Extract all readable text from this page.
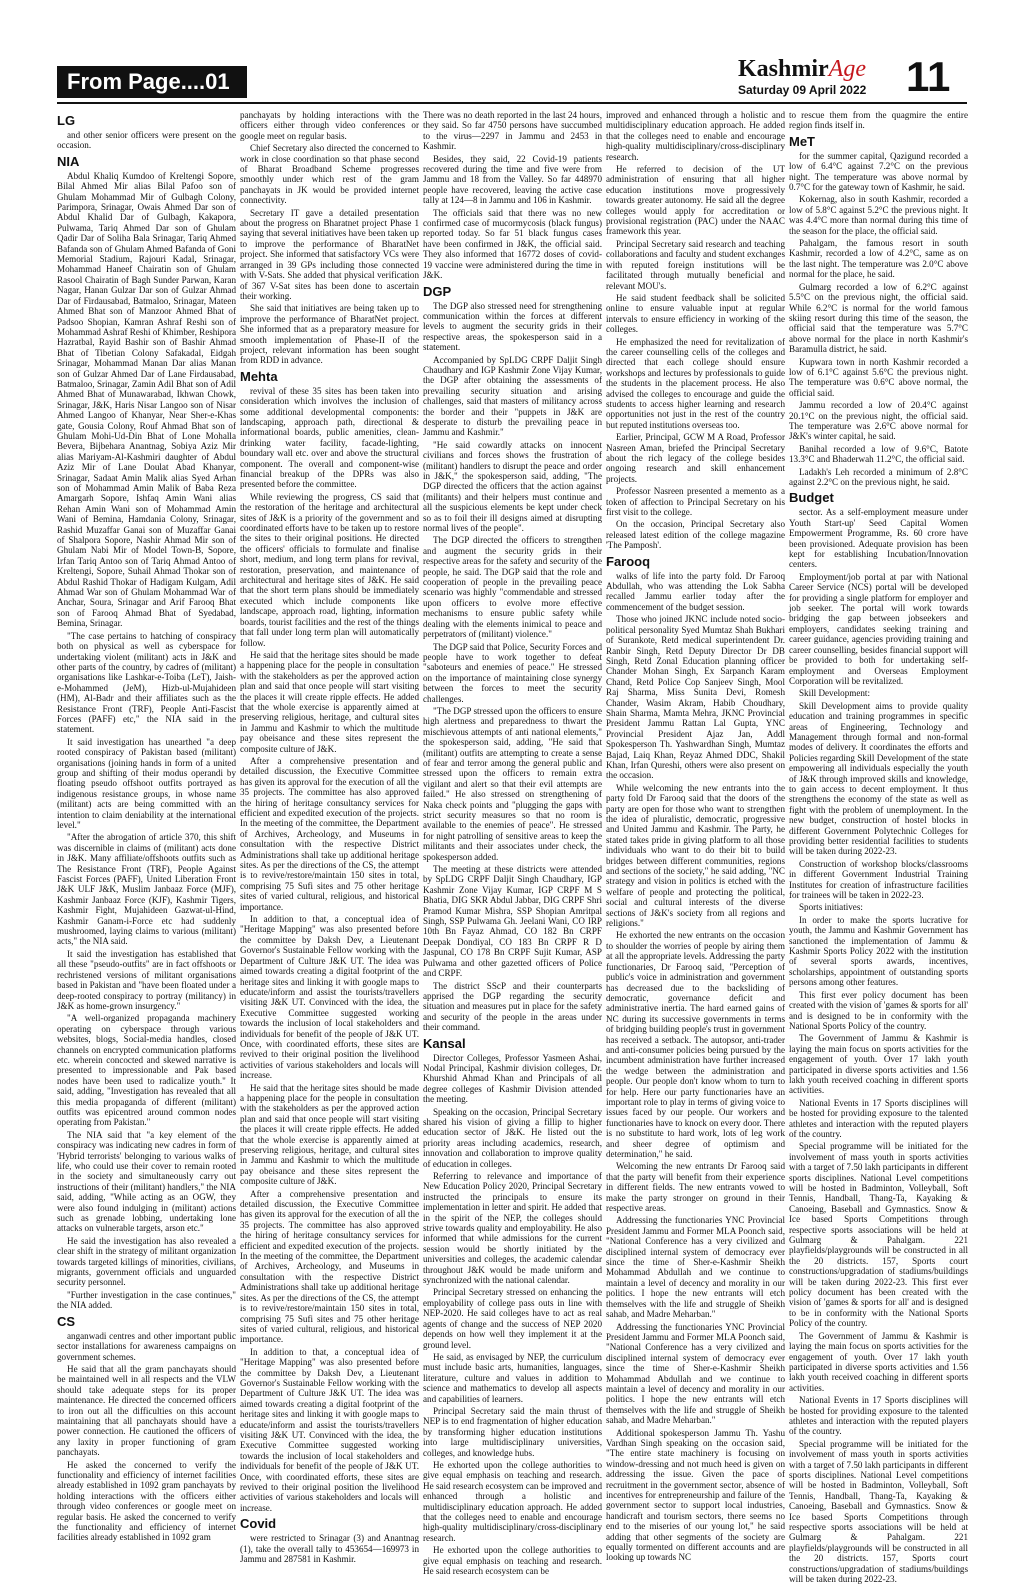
From Page....01	KashmirAge
Saturday 09 April 2022 11
LG

and other senior officers were present on the occasion.

NIA

Abdul Khaliq Kumdoo of Kreltengi Sopore, Bilal Ahmed Mir alias Bilal Pafoo son of Ghulam Mohammad Mir of Gulbagh Colony, Parimpora, Srinagar, Owais Ahmed Dar son of Abdul Khalid Dar of Gulbagh, Kakapora, Pulwama, Tariq Ahmed Dar son of Ghulam Qadir Dar of Soliha Bala Srinagar, Tariq Ahmed Bafanda son of Ghulam Ahmed Bafanda of Goni Memorial Stadium, Rajouri Kadal, Srinagar, Mohammad Haneef Chairatin son of Ghulam Rasool Chairatin of Bagh Sunder Parwan, Karan Nagar, Hanan Gulzar Dar son of Gulzar Ahmad Dar of Firdausabad, Batmaloo, Srinagar, Mateen Ahmed Bhat son of Manzoor Ahmed Bhat of Padsoo Shopian, Kamran Ashraf Reshi son of Mohammad Ashraf Reshi of Khimber, Reshipora Hazratbal, Rayid Bashir son of Bashir Ahmad Bhat of Tibetian Colony Safakadal, Eidgah Srinagar, Mohammad Manan Dar alias Manan son of Gulzar Ahmed Dar of Lane Firdausabad, Batmaloo, Srinagar, Zamin Adil Bhat son of Adil Ahmed Bhat of Munawarabad, Ikhwan Chowk, Srinagar, J&K, Haris Nisar Langoo son of Nisar Ahmed Langoo of Khanyar, Near Sher-e-Khas gate, Gousia Colony, Rouf Ahmad Bhat son of Ghulam Mohi-Ud-Din Bhat of Lone Mohalla Bevera, Bijbehara Anantnag, Sobiya Aziz Mir alias Mariyam-Al-Kashmiri daughter of Abdul Aziz Mir of Lane Doulat Abad Khanyar, Srinagar, Sadaat Amin Malik alias Syed Arhan son of Mohammad Amin Malik of Baba Reza Amargarh Sopore, Ishfaq Amin Wani alias Rehan Amin Wani son of Mohammad Amin Wani of Bemina, Hamdania Colony, Srinagar, Rashid Muzaffar Ganai son of Muzaffar Ganai of Shalpora Sopore, Nashir Ahmad Mir son of Ghulam Nabi Mir of Model Town-B, Sopore, Irfan Tariq Antoo son of Tariq Ahmad Antoo of Kreltengi, Sopore, Suhail Ahmad Thokar son of Abdul Rashid Thokar of Hadigam Kulgam, Adil Ahmad War son of Ghulam Mohammad War of Anchar, Soura, Srinagar and Arif Farooq Bhat son of Farooq Ahmad Bhat of Syedabad, Bemina, Srinagar.

"The case pertains to hatching of conspiracy both on physical as well as cyberspace for undertaking violent (militant) acts in J&K and other parts of the country, by cadres of (militant) organisations like Lashkar-e-Toiba (LeT), Jaish-e-Mohammed (JeM), Hizb-ul-Mujahideen (HM), Al-Badr and their affiliates such as the Resistance Front (TRF), People Anti-Fascist Forces (PAFF) etc," the NIA said in the statement.

It said investigation has unearthed "a deep rooted conspiracy of Pakistan based (militant) organisations (joining hands in form of a united group and shifting of their modus operandi by floating pseudo offshoot outfits portrayed as indigenous resistance groups, in whose name (militant) acts are being committed with an intention to claim deniability at the international level."

"After the abrogation of article 370, this shift was discernible in claims of (militant) acts done in J&K. Many affiliate/offshoots outfits such as The Resistance Front (TRF), People Against Fascist Forces (PAFF), United Liberation Front J&K ULF J&K, Muslim Janbaaz Force (MJF), Kashmir Janbaaz Force (KJF), Kashmir Tigers, Kashmir Fight, Mujahideen Gazwat-ul-Hind, Kashmir Ganam-i-Force etc had suddenly mushroomed, laying claims to various (militant) acts," the NIA said.

It said the investigation has established that all these "pseudo-outfits" are in fact offshoots or rechristened versions of militant organisations based in Pakistan and "have been floated under a deep-rooted conspiracy to portray (militancy) in J&K as home-grown insurgency."

"A well-organized propaganda machinery operating on cyberspace through various websites, blogs, Social-media handles, closed channels on encrypted communication platforms etc. wherein concocted and skewed narrative is presented to impressionable and Pak based nodes have been used to radicalize youth." It said, adding, "Investigation has revealed that all this media propaganda of different (militant) outfits was epicentred around common nodes operating from Pakistan."

The NIA said that "a key element of the conspiracy was indicating new cadres in form of 'Hybrid terrorists' belonging to various walks of life, who could use their cover to remain rooted in the society and simultaneously carry out instructions of their (militant) handlers," the NIA said, adding, "While acting as an OGW, they were also found indulging in (militant) actions such as grenade lobbing, undertaking lone attacks on vulnerable targets, arson etc."

He said the investigation has also revealed a clear shift in the strategy of militant organization towards targeted killings of minorities, civilians, migrants, government officials and unguarded security personnel.

"Further investigation in the case continues," the NIA added.

CS

anganwadi centres and other important public sector installations for awareness campaigns on government schemes.

He said that all the gram panchayats should be maintained well in all respects and the VLW should take adequate steps for its proper maintenance. He directed the concerned officers to iron out all the difficulties on this account maintaining that all panchayats should have a power connection. He cautioned the officers of any laxity in proper functioning of gram panchayats.

He asked the concerned to verify the functionality and efficiency of internet facilities already established in 1092 gram panchayats by holding interactions with the officers either through video conferences or google meet on regular basis. He asked the concerned to verify the functionality and efficiency of internet facilities already established in 1092 gram

panchayats by holding interactions with the officers either through video conferences or google meet on regular basis.

Chief Secretary also directed the concerned to work in close coordination so that phase second of Bharat Broadband Scheme progresses smoothly under which rest of the gram panchayats in JK would be provided internet connectivity.

Secretary IT gave a detailed presentation about the progress on Bharatnet project Phase 1 saying that several initiatives have been taken up to improve the performance of BharatNet project. She informed that satisfactory VCs were arranged in 39 GPs including those connected with V-Sats. She added that physical verification of 367 V-Sat sites has been done to ascertain their working.

She said that initiatives are being taken up to improve the performance of BharatNet project. She informed that as a preparatory measure for smooth implementation of Phase-II of the project, relevant information has been sought from RDD in advance.

Mehta

revival of these 35 sites has been taken into consideration which involves the inclusion of some additional developmental components: landscaping, approach path, directional & informational boards, public amenities, clean-drinking water facility, facade-lighting, boundary wall etc. over and above the structural component. The overall and component-wise financial breakup of the DPRs was also presented before the committee.

While reviewing the progress, CS said that the restoration of the heritage and architectural sites of J&K is a priority of the government and coordinated efforts have to be taken up to restore the sites to their original positions. He directed the officers' officials to formulate and finalise short, medium, and long term plans for revival, restoration, preservation, and maintenance of architectural and heritage sites of J&K. He said that the short term plans should be immediately executed which include components like landscape, approach road, lighting, information boards, tourist facilities and the rest of the things that fall under long term plan will automatically follow.

He said that the heritage sites should be made a happening place for the people in consultation with the stakeholders as per the approved action plan and said that once people will start visiting the places it will create ripple effects. He added that the whole exercise is apparently aimed at preserving religious, heritage, and cultural sites in Jammu and Kashmir to which the multitude pay obeisance and these sites represent the composite culture of J&K.

After a comprehensive presentation and detailed discussion, the Executive Committee has given its approval for the execution of all the 35 projects. The committee has also approved the hiring of heritage consultancy services for efficient and expedited execution of the projects. In the meeting of the committee, the Department of Archives, Archeology, and Museums in consultation with the respective District Administrations shall take up additional heritage sites. As per the directions of the CS, the attempt is to revive/restore/maintain 150 sites in total, comprising 75 Sufi sites and 75 other heritage sites of varied cultural, religious, and historical importance.

In addition to that, a conceptual idea of "Heritage Mapping" was also presented before the committee by Daksh Dev, a Lieutenant Governor's Sustainable Fellow working with the Department of Culture J&K UT. The idea was aimed towards creating a digital footprint of the heritage sites and linking it with google maps to educate/inform and assist the tourists/travellers visiting J&K UT. Convinced with the idea, the Executive Committee suggested working towards the inclusion of local stakeholders and individuals for benefit of the people of J&K UT. Once, with coordinated efforts, these sites are revived to their original position the livelihood activities of various stakeholders and locals will increase.

He said that the heritage sites should be made a happening place for the people in consultation with the stakeholders as per the approved action plan and said that once people will start visiting the places it will create ripple effects. He added that the whole exercise is apparently aimed at preserving religious, heritage, and cultural sites in Jammu and Kashmir to which the multitude pay obeisance and these sites represent the composite culture of J&K.

After a comprehensive presentation and detailed discussion, the Executive Committee has given its approval for the execution of all the 35 projects. The committee has also approved the hiring of heritage consultancy services for efficient and expedited execution of the projects. In the meeting of the committee, the Department of Archives, Archeology, and Museums in consultation with the respective District Administrations shall take up additional heritage sites. As per the directions of the CS, the attempt is to revive/restore/maintain 150 sites in total, comprising 75 Sufi sites and 75 other heritage sites of varied cultural, religious, and historical importance.

In addition to that, a conceptual idea of "Heritage Mapping" was also presented before the committee by Daksh Dev, a Lieutenant Governor's Sustainable Fellow working with the Department of Culture J&K UT. The idea was aimed towards creating a digital footprint of the heritage sites and linking it with google maps to educate/inform and assist the tourists/travellers visiting J&K UT. Convinced with the idea, the Executive Committee suggested working towards the inclusion of local stakeholders and individuals for benefit of the people of J&K UT. Once, with coordinated efforts, these sites are revived to their original position the livelihood activities of various stakeholders and locals will increase.

Covid

were restricted to Srinagar (3) and Anantnag (1), take the overall tally to 453654—169973 in Jammu and 287581 in Kashmir.

There was no death reported in the last 24 hours, they said. So far 4750 persons have succumbed to the virus—2297 in Jammu and 2453 in Kashmir.

Besides, they said, 22 Covid-19 patients recovered during the time and five were from Jammu and 18 from the Valley. So far 448970 people have recovered, leaving the active case tally at 124—8 in Jammu and 106 in Kashmir.

The officials said that there was no new confirmed case of mucormycosis (black fungus) reported today. So far 51 black fungus cases have been confirmed in J&K, the official said. They also informed that 16772 doses of covid-19 vaccine were administered during the time in J&K.

DGP

The DGP also stressed need for strengthening communication within the forces at different levels to augment the security grids in their respective areas, the spokesperson said in a statement.

Accompanied by SpLDG CRPF Daljit Singh Chaudhary and IGP Kashmir Zone Vijay Kumar, the DGP after obtaining the assessments of prevailing security situation and arising challenges, said that masters of militancy across the border and their "puppets in J&K are desperate to disturb the prevailing peace in Jammu and Kashmir."

"He said cowardly attacks on innocent civilians and forces shows the frustration of (militant) handlers to disrupt the peace and order in J&K," the spokesperson said, adding, "The DGP directed the officers that the action against (militants) and their helpers must continue and all the suspicious elements be kept under check so as to foil their ill designs aimed at disrupting normal lives of the people".

The DGP directed the officers to strengthen and augment the security grids in their respective areas for the safety and security of the people, he said. The DGP said that the role and cooperation of people in the prevailing peace scenario was highly "commendable and stressed upon officers to evolve more effective mechanisms to ensure public safety while dealing with the elements inimical to peace and perpetrators of (militant) violence."

The DGP said that Police, Security Forces and people have to work together to defeat "saboteurs and enemies of peace." He stressed on the importance of maintaining close synergy between the forces to meet the security challenges.

"The DGP stressed upon the officers to ensure high alertness and preparedness to thwart the mischievous attempts of anti national elements," the spokesperson said, adding, "He said that (militant) outfits are attempting to create a sense of fear and terror among the general public and stressed upon the officers to remain extra vigilant and alert so that their evil attempts are failed." He also stressed on strengthening of Naka check points and "plugging the gaps with strict security measures so that no room is available to the enemies of peace". He stressed for night patrolling of sensitive areas to keep the militants and their associates under check, the spokesperson added.

The meeting at these districts were attended by SpLDG CRPF Daljit Singh Chaudhary, IGP Kashmir Zone Vijay Kumar, IGP CRPF M S Bhatia, DIG SKR Abdul Jabbar, DIG CRPF Shri Pramod Kumar Mishra, SSP Shopian Amritpal Singh, SSP Pulwama Gh. Jeelani Wani, CO IRP 10th Bn Fayaz Ahmad, CO 182 Bn CRPF Deepak Dondiyal, CO 183 Bn CRPF R D Jaspunal, CO 178 Bn CRPF Sujit Kumar, ASP Pulwama and other gazetted officers of Police and CRPF.

The district SScP and their counterparts apprised the DGP regarding the security situation and measures put in place for the safety and security of the people in the areas under their command.

Kansal

Director Colleges, Professor Yasmeen Ashai, Nodal Principal, Kashmir division colleges, Dr. Khurshid Ahmad Khan and Principals of all degree colleges of Kashmir Division attended the meeting.

Speaking on the occasion, Principal Secretary shared his vision of giving a fillip to higher education sector of J&K. He listed out the priority areas including academics, research, innovation and collaboration to improve quality of education in colleges.

Referring to relevance and importance of New Education Policy 2020, Principal Secretary instructed the principals to ensure its implementation in letter and spirit. He added that in the spirit of the NEP, the colleges should strive towards quality and employability. He also informed that while admissions for the current session would be shortly initiated by the universities and colleges, the academic calendar throughout J&K would be made uniform and synchronized with the national calendar.

Principal Secretary stressed on enhancing the employability of college pass outs in line with NEP-2020. He said colleges have to act as real agents of change and the success of NEP 2020 depends on how well they implement it at the ground level.

He said, as envisaged by NEP, the curriculum must include basic arts, humanities, languages, literature, culture and values in addition to science and mathematics to develop all aspects and capabilities of learners.

Principal Secretary said the main thrust of NEP is to end fragmentation of higher education by transforming higher education institutions into large multidisciplinary universities, colleges, and knowledge hubs.

He exhorted upon the college authorities to give equal emphasis on teaching and research. He said research ecosystem can be improved and enhanced through a holistic and multidisciplinary education approach. He added that the colleges need to enable and encourage high-quality multidisciplinary/cross-disciplinary research.

He exhorted upon the college authorities to give equal emphasis on teaching and research. He said research ecosystem can be

improved and enhanced through a holistic and multidisciplinary education approach. He added that the colleges need to enable and encourage high-quality multidisciplinary/cross-disciplinary research.

He referred to decision of the UT administration of ensuring that all higher education institutions move progressively towards greater autonomy. He said all the degree colleges would apply for accreditation or provisional registration (PAC) under the NAAC framework this year.

Principal Secretary said research and teaching collaborations and faculty and student exchanges with reputed foreign institutions will be facilitated through mutually beneficial and relevant MOU's.

He said student feedback shall be solicited online to ensure valuable input at regular intervals to ensure efficiency in working of the colleges.

He emphasized the need for revitalization of the career counselling cells of the colleges and directed that each college should ensure workshops and lectures by professionals to guide the students in the placement process. He also advised the colleges to encourage and guide the students to access higher learning and research opportunities not just in the rest of the country but reputed institutions overseas too.

Earlier, Principal, GCW M A Road, Professor Nasreen Aman, briefed the Principal Secretary about the rich legacy of the college besides ongoing research and skill enhancement projects.

Professor Nasreen presented a memento as a token of affection to Principal Secretary on his first visit to the college.

On the occasion, Principal Secretary also released latest edition of the college magazine 'The Pamposh'.

Farooq

walks of life into the party fold. Dr Farooq Abdullah, who was attending the Lok Sabha recalled Jammu earlier today after the commencement of the budget session.

Those who joined JKNC include noted socio-political personality Syed Mumtaz Shah Bukhari of Surankote, Retd medical superintendent Dr. Ranbir Singh, Retd Deputy Director Dr DB Singh, Retd Zonal Education planning officer Chander Mohan Singh, Ex Sarpanch Karam Chand, Retd Police Cop Sanjeev Singh, Mool Raj Sharma, Miss Sunita Devi, Romesh Chander, Wasim Akram, Habib Choudhary, Shain Sharma, Mamta Mehra, JKNC Provincial President Jammu Rattan Lal Gupta, YNC Provincial President Ajaz Jan, Addl Spokesperson Th. Yashwardhan Singh, Mumtaz Bajad, Laiq Khan, Reyaz Ahmed DDC, Shakil Khan, Irfan Qureshi, others were also present on the occasion.

While welcoming the new entrants into the party fold Dr Farooq said that the doors of the party are open for those who want to strengthen the idea of pluralistic, democratic, progressive and United Jammu and Kashmir. The Party, he stated takes pride in giving platform to all those individuals who want to do their bit to build bridges between different communities, regions and sections of the society," he said adding, "NC strategy and vision in politics is etched with the welfare of people and protecting the political, social and cultural interests of the diverse sections of J&K's society from all regions and religions."

He exhorted the new entrants on the occasion to shoulder the worries of people by airing them at all the appropriate levels. Addressing the party functionaries, Dr Farooq said, "Perception of public's voice in administration and government has decreased due to the backsliding of democratic, governance deficit and administrative inertia. The hard earned gains of NC during its successive governments in terms of bridging building people's trust in government has received a setback. The autopsor, anti-trader and anti-consumer policies being pursued by the incumbent administration have further increased the wedge between the administration and people. Our people don't know whom to turn to for help. Here our party functionaries have an important role to play in terms of giving voice to issues faced by our people. Our workers and functionaries have to knock on every door. There is no substitute to hard work, lots of leg work and sheer degree of optimism and determination," he said.

Welcoming the new entrants Dr Farooq said that the party will benefit from their experience in different fields. The new entrants vowed to make the party stronger on ground in their respective areas.

Addressing the functionaries YNC Provincial President Jammu and Former MLA Poonch said, "National Conference has a very civilized and disciplined internal system of democracy ever since the time of Sher-e-Kashmir Sheikh Mohammad Abdullah and we continue to maintain a level of decency and morality in our politics. I hope the new entrants will etch themselves with the life and struggle of Sheikh sahab, and Madre Meharban."

Addressing the functionaries YNC Provincial President Jammu and Former MLA Poonch said, "National Conference has a very civilized and disciplined internal system of democracy ever since the time of Sher-e-Kashmir Sheikh Mohammad Abdullah and we continue to maintain a level of decency and morality in our politics. I hope the new entrants will etch themselves with the life and struggle of Sheikh sahab, and Madre Meharban."

Additional spokesperson Jammu Th. Yashu Vardhan Singh speaking on the occasion said, "The entire state machinery is focusing on window-dressing and not much heed is given on addressing the issue. Given the pace of recruitment in the government sector, absence of incentives for entrepreneurship and failure of the government sector to support local industries, handicraft and tourism sectors, there seems no end to the miseries of our young lot," he said adding that other segments of the society are equally tormented on different accounts and are looking up towards NC

to rescue them from the quagmire the entire region finds itself in.

MeT

for the summer capital, Qazigund recorded a low of 6.4°C against 7.2°C on the previous night. The temperature was above normal by 0.7°C for the gateway town of Kashmir, he said.

Kokernag, also in south Kashmir, recorded a low of 5.8°C against 5.2°C the previous night. It was 4.4°C more than normal during this time of the season for the place, the official said.

Pahalgam, the famous resort in south Kashmir, recorded a low of 4.2°C, same as on the last night. The temperature was 2.0°C above normal for the place, he said.

Gulmarg recorded a low of 6.2°C against 5.5°C on the previous night, the official said. While 6.2°C is normal for the world famous skiing resort during this time of the season, the official said that the temperature was 5.7°C above normal for the place in north Kashmir's Baramulla district, he said.

Kupwara town in north Kashmir recorded a low of 6.1°C against 5.6°C the previous night. The temperature was 0.6°C above normal, the official said.

Jammu recorded a low of 20.4°C against 20.1°C on the previous night, the official said. The temperature was 2.6°C above normal for J&K's winter capital, he said.

Banihal recorded a low of 9.6°C, Batote 13.3°C and Bhaderwah 11.2°C, the official said.

Ladakh's Leh recorded a minimum of 2.8°C against 2.2°C on the previous night, he said.

Budget

sector. As a self-employment measure under Youth Start-up' Seed Capital Women Empowerment Programme, Rs. 60 crore have been provisioned. Adequate provision has been kept for establishing Incubation/Innovation centers.

Employment/job portal at par with National Career Service (NCS) portal will be developed for providing a single platform for employer and job seeker. The portal will work towards bridging the gap between jobseekers and employers, candidates seeking training and career guidance, agencies providing training and career counselling, besides financial support will be provided to both for undertaking self-employment and Overseas Employment Corporation will be revitalized.

Skill Development:

Skill Development aims to provide quality education and training programmes in specific areas of Engineering, Technology and Management through formal and non-formal modes of delivery. It coordinates the efforts and Policies regarding Skill Development of the state empowering all individuals especially the youth of J&K through improved skills and knowledge, to gain access to decent employment. It thus strengthens the economy of the state as well as fight with the problem of unemployment. In the new budget, construction of hostel blocks in different Government Polytechnic Colleges for providing better residential facilities to students will be taken during 2022-23.

Construction of workshop blocks/classrooms in different Government Industrial Training Institutes for creation of infrastructure facilities for trainees will be taken in 2022-23.

Sports initiatives:

In order to make the sports lucrative for youth, the Jammu and Kashmir Government has sanctioned the implementation of Jammu & Kashmir Sports Policy 2022 with the institution of several sports awards, incentives, scholarships, appointment of outstanding sports persons among other features.

This first ever policy document has been created with the vision of 'games & sports for all' and is designed to be in conformity with the National Sports Policy of the country.

The Government of Jammu & Kashmir is laying the main focus on sports activities for the engagement of youth. Over 17 lakh youth participated in diverse sports activities and 1.56 lakh youth received coaching in different sports activities.

National Events in 17 Sports disciplines will be hosted for providing exposure to the talented athletes and interaction with the reputed players of the country.

Special programme will be initiated for the involvement of mass youth in sports activities with a target of 7.50 lakh participants in different sports disciplines. National Level competitions will be hosted in Badminton, Volleyball, Soft Tennis, Handball, Thang-Ta, Kayaking & Canoeing, Baseball and Gymnastics. Snow & Ice based Sports Competitions through respective sports associations will be held at Gulmarg & Pahalgam. 221 playfields/playgrounds will be constructed in all the 20 districts. 157, Sports court constructions/upgradation of stadiums/buildings will be taken during 2022-23. This first ever policy document has been created with the vision of 'games & sports for all' and is designed to be in conformity with the National Sports Policy of the country.

The Government of Jammu & Kashmir is laying the main focus on sports activities for the engagement of youth. Over 17 lakh youth participated in diverse sports activities and 1.56 lakh youth received coaching in different sports activities.

National Events in 17 Sports disciplines will be hosted for providing exposure to the talented athletes and interaction with the reputed players of the country.

Special programme will be initiated for the involvement of mass youth in sports activities with a target of 7.50 lakh participants in different sports disciplines. National Level competitions will be hosted in Badminton, Volleyball, Soft Tennis, Handball, Thang-Ta, Kayaking & Canoeing, Baseball and Gymnastics. Snow & Ice based Sports Competitions through respective sports associations will be held at Gulmarg & Pahalgam. 221 playfields/playgrounds will be constructed in all the 20 districts. 157, Sports court constructions/upgradation of stadiums/buildings will be taken during 2022-23.
